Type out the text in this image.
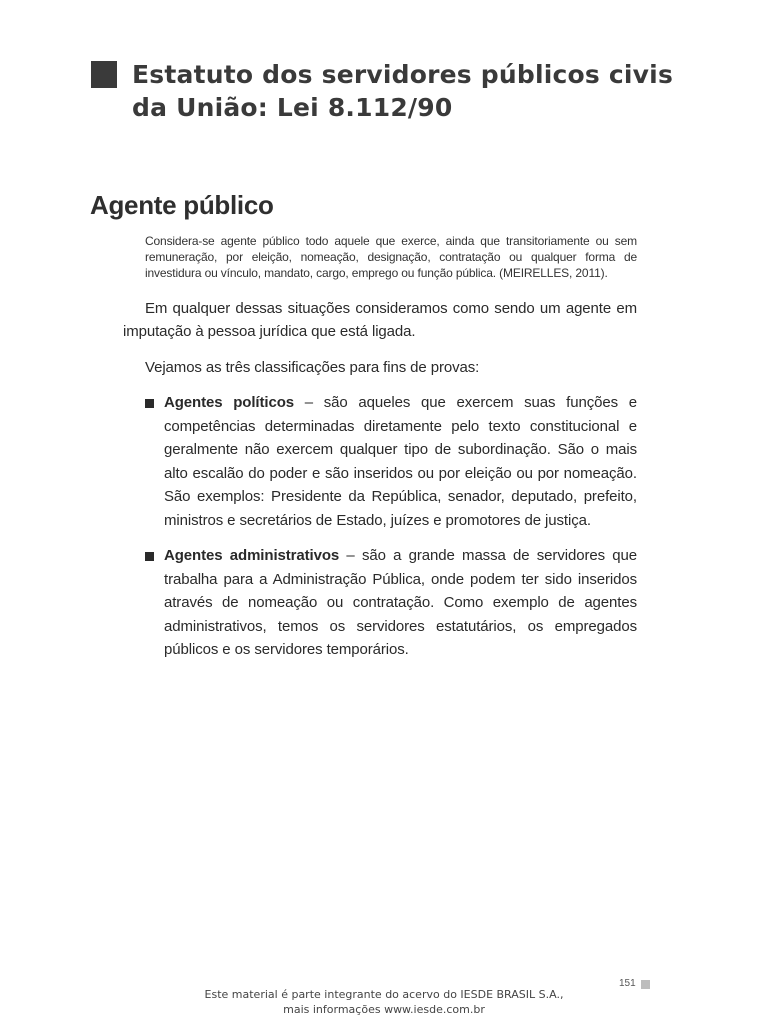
Estatuto dos servidores públicos civis da União: Lei 8.112/90
Agente público

Considera-se agente público todo aquele que exerce, ainda que transitoriamente ou sem remuneração, por eleição, nomeação, designação, contratação ou qualquer forma de investidura ou vínculo, mandato, cargo, emprego ou função pública. (MEIRELLES, 2011).

Em qualquer dessas situações consideramos como sendo um agente em imputação à pessoa jurídica que está ligada.

Vejamos as três classificações para fins de provas:

Agentes políticos – são aqueles que exercem suas funções e competências determinadas diretamente pelo texto constitucional e geralmente não exercem qualquer tipo de subordinação. São o mais alto escalão do poder e são inseridos ou por eleição ou por nomeação. São exemplos: Presidente da República, senador, deputado, prefeito, ministros e secretários de Estado, juízes e promotores de justiça.

Agentes administrativos – são a grande massa de servidores que trabalha para a Administração Pública, onde podem ter sido inseridos através de nomeação ou contratação. Como exemplo de agentes administrativos, temos os servidores estatutários, os empregados públicos e os servidores temporários.

151

Este material é parte integrante do acervo do IESDE BRASIL S.A.,
mais informações www.iesde.com.br
